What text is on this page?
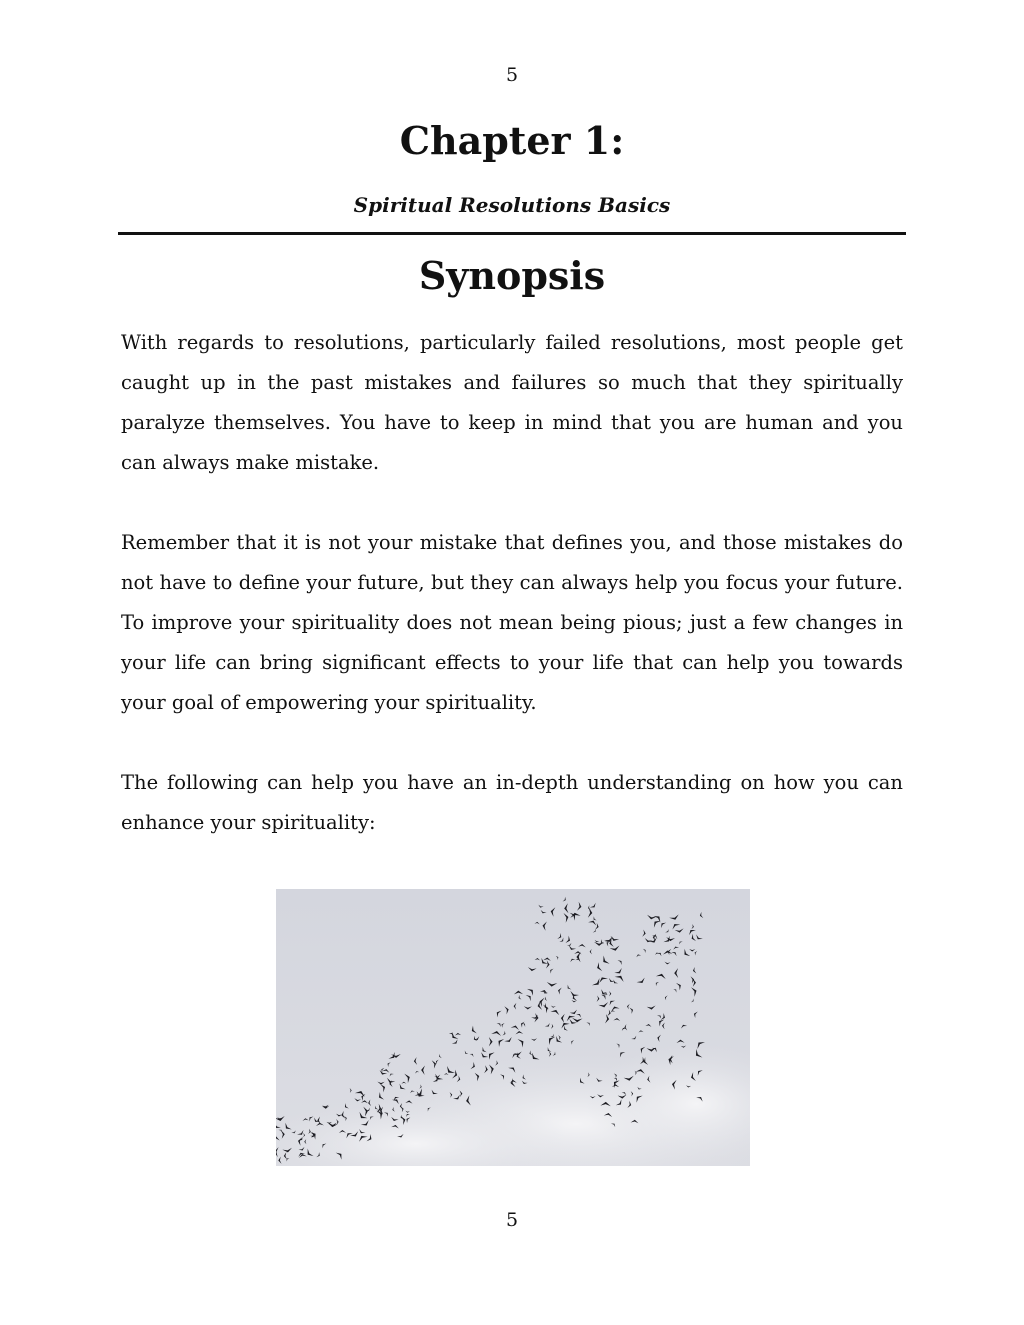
5
Chapter 1:
Spiritual Resolutions Basics
Synopsis

With regards to resolutions, particularly failed resolutions, most people get caught up in the past mistakes and failures so much that they spiritually paralyze themselves. You have to keep in mind that you are human and you can always make mistake.

Remember that it is not your mistake that defines you, and those mistakes do not have to define your future, but they can always help you focus your future. To improve your spirituality does not mean being pious; just a few changes in your life can bring significant effects to your life that can help you towards your goal of empowering your spirituality.

The following can help you have an in-depth understanding on how you can enhance your spirituality:

5
